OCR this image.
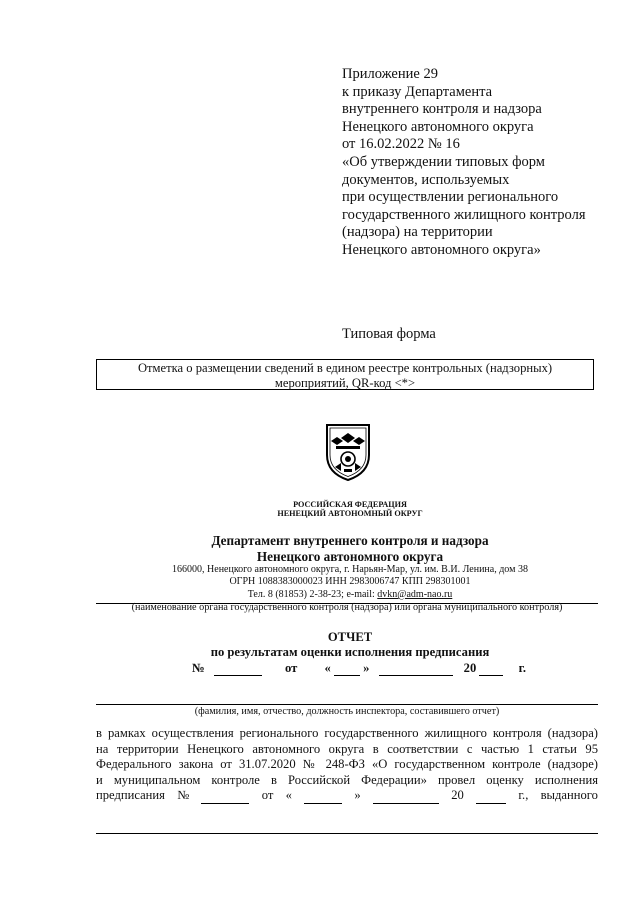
Приложение 29
к приказу Департамента
внутреннего контроля и надзора
Ненецкого автономного округа
от 16.02.2022 № 16
«Об утверждении типовых форм
документов, используемых
при осуществлении регионального
государственного жилищного контроля
(надзора) на территории
Ненецкого автономного округа»
Типовая форма
Отметка о размещении сведений в едином реестре контрольных (надзорных)
мероприятий, QR-код <*>
РОССИЙСКАЯ ФЕДЕРАЦИЯ
НЕНЕЦКИЙ АВТОНОМНЫЙ ОКРУГ
Департамент внутреннего контроля и надзора
Ненецкого автономного округа
166000, Ненецкого автономного округа, г. Нарьян-Мар, ул. им. В.И. Ленина, дом 38
ОГРН 1088383000023 ИНН 2983006747 КПП 298301001
Тел. 8 (81853) 2-38-23; e-mail: dvkn@adm-nao.ru
(наименование органа государственного контроля (надзора) или органа муниципального контроля)
ОТЧЕТ
по результатам оценки исполнения предписания
№	от «	»	20	г.
(фамилия, имя, отчество, должность инспектора, составившего отчет)
в рамках осуществления регионального государственного жилищного контроля (надзора)
на территории Ненецкого автономного округа в соответствии с частью 1 статьи 95
Федерального закона от 31.07.2020 № 248-ФЗ «О государственном контроле (надзоре)
и муниципальном контроле в Российской Федерации» провел оценку исполнения
предписания №	от «	»	20	г., выданного
